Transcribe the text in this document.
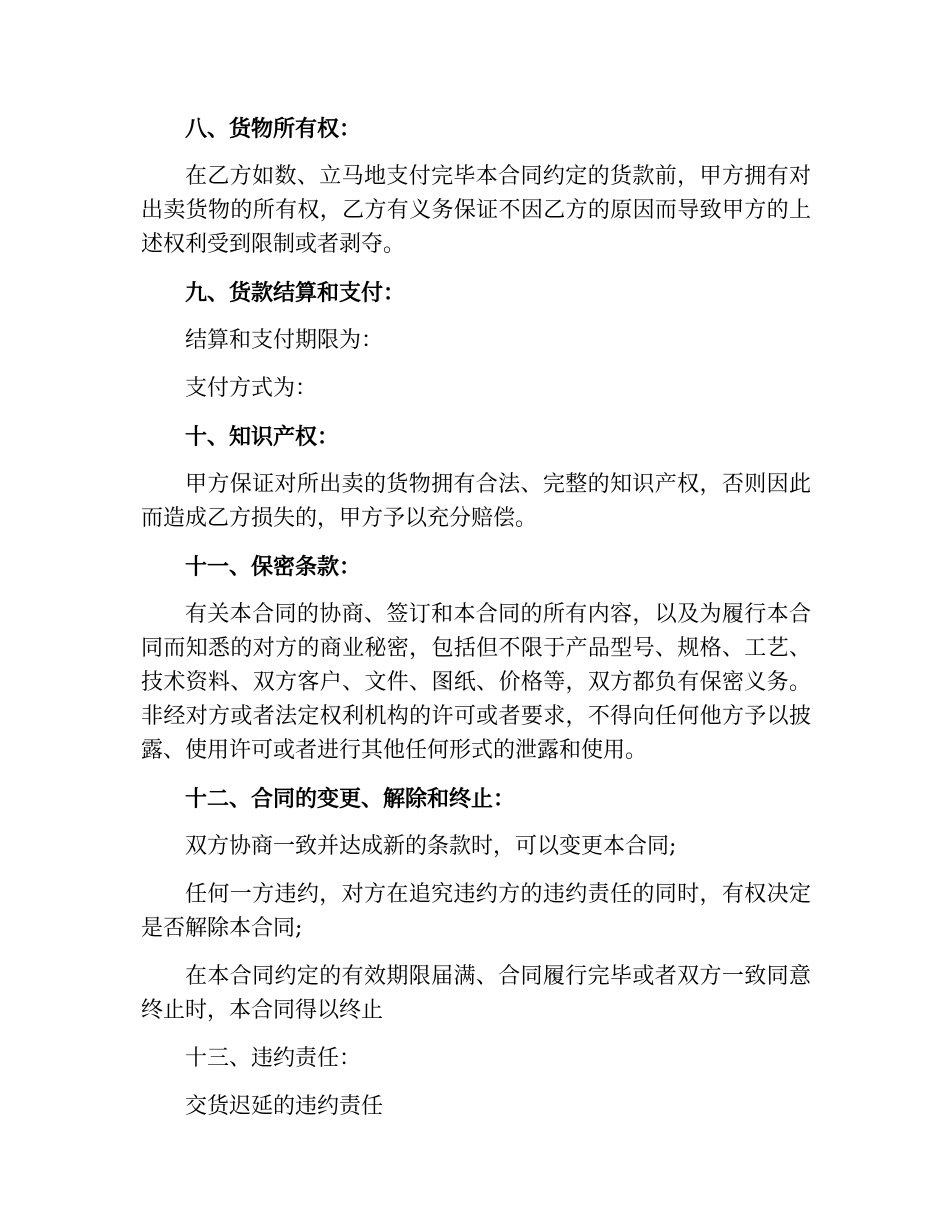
八、货物所有权：

在乙方如数、立马地支付完毕本合同约定的货款前，甲方拥有对出卖货物的所有权，乙方有义务保证不因乙方的原因而导致甲方的上述权利受到限制或者剥夺。

九、货款结算和支付：

结算和支付期限为：

支付方式为：

十、知识产权：

甲方保证对所出卖的货物拥有合法、完整的知识产权，否则因此而造成乙方损失的，甲方予以充分赔偿。

十一、保密条款：

有关本合同的协商、签订和本合同的所有内容，以及为履行本合同而知悉的对方的商业秘密，包括但不限于产品型号、规格、工艺、技术资料、双方客户、文件、图纸、价格等，双方都负有保密义务。非经对方或者法定权利机构的许可或者要求，不得向任何他方予以披露、使用许可或者进行其他任何形式的泄露和使用。

十二、合同的变更、解除和终止：

双方协商一致并达成新的条款时，可以变更本合同;

任何一方违约，对方在追究违约方的违约责任的同时，有权决定是否解除本合同;

在本合同约定的有效期限届满、合同履行完毕或者双方一致同意终止时，本合同得以终止

十三、违约责任：

交货迟延的违约责任
